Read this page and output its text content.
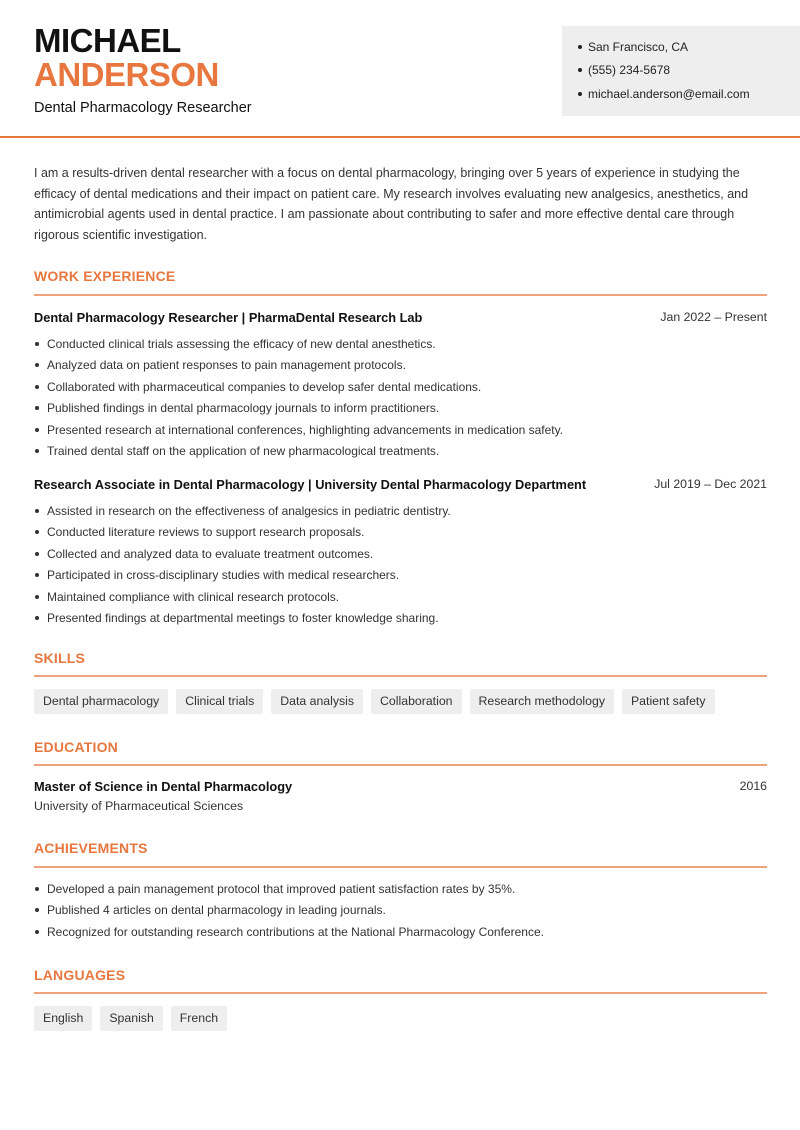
MICHAEL
ANDERSON
Dental Pharmacology Researcher
San Francisco, CA
(555) 234-5678
michael.anderson@email.com
I am a results-driven dental researcher with a focus on dental pharmacology, bringing over 5 years of experience in studying the efficacy of dental medications and their impact on patient care. My research involves evaluating new analgesics, anesthetics, and antimicrobial agents used in dental practice. I am passionate about contributing to safer and more effective dental care through rigorous scientific investigation.
WORK EXPERIENCE
Dental Pharmacology Researcher | PharmaDental Research Lab	Jan 2022 – Present
Conducted clinical trials assessing the efficacy of new dental anesthetics.
Analyzed data on patient responses to pain management protocols.
Collaborated with pharmaceutical companies to develop safer dental medications.
Published findings in dental pharmacology journals to inform practitioners.
Presented research at international conferences, highlighting advancements in medication safety.
Trained dental staff on the application of new pharmacological treatments.
Research Associate in Dental Pharmacology | University Dental Pharmacology Department	Jul 2019 – Dec 2021
Assisted in research on the effectiveness of analgesics in pediatric dentistry.
Conducted literature reviews to support research proposals.
Collected and analyzed data to evaluate treatment outcomes.
Participated in cross-disciplinary studies with medical researchers.
Maintained compliance with clinical research protocols.
Presented findings at departmental meetings to foster knowledge sharing.
SKILLS
Dental pharmacology	Clinical trials	Data analysis	Collaboration	Research methodology	Patient safety
EDUCATION
Master of Science in Dental Pharmacology	2016
University of Pharmaceutical Sciences
ACHIEVEMENTS
Developed a pain management protocol that improved patient satisfaction rates by 35%.
Published 4 articles on dental pharmacology in leading journals.
Recognized for outstanding research contributions at the National Pharmacology Conference.
LANGUAGES
English	Spanish	French
